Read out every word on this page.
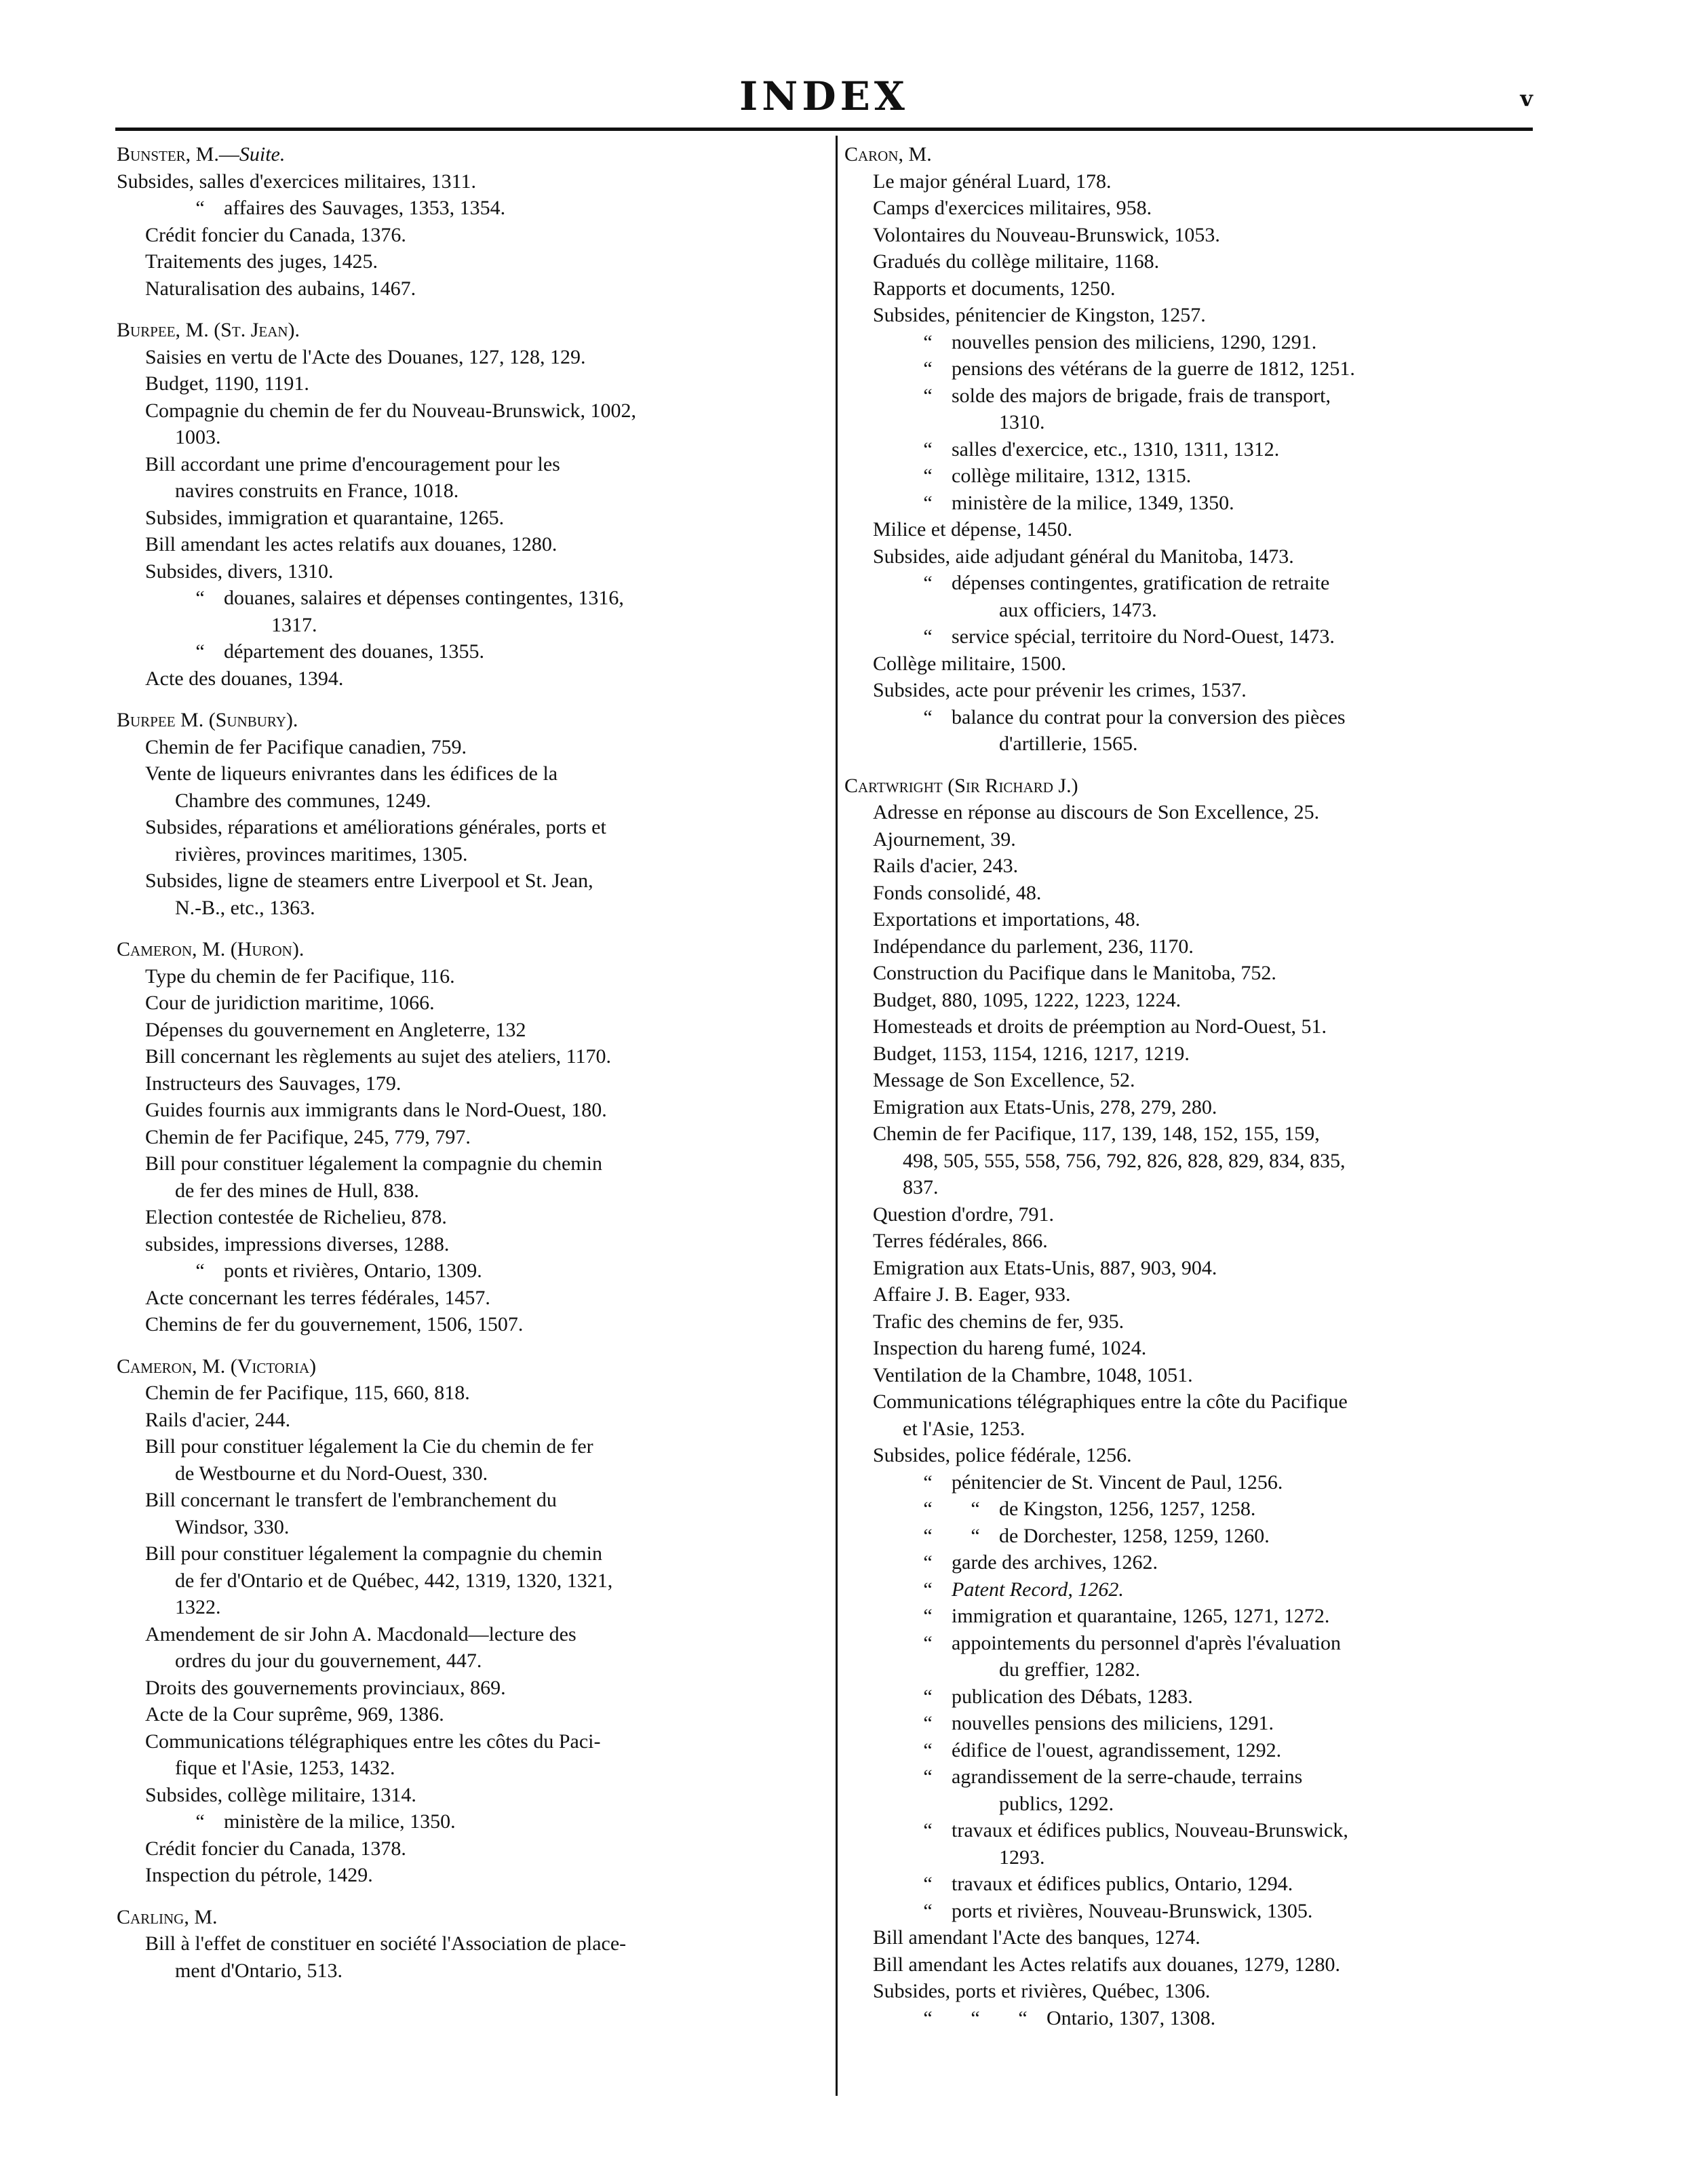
INDEX	v
Bunster, M.—Suite.
Subsides, salles d'exercices militaires, 1311.
“ affaires des Sauvages, 1353, 1354.
Crédit foncier du Canada, 1376.
Traitements des juges, 1425.
Naturalisation des aubains, 1467.
Burpee, M. (St. Jean).
Saisies en vertu de l'Acte des Douanes, 127, 128, 129.
Budget, 1190, 1191.
Compagnie du chemin de fer du Nouveau-Brunswick, 1002,
1003.
Bill accordant une prime d'encouragement pour les
navires construits en France, 1018.
Subsides, immigration et quarantaine, 1265.
Bill amendant les actes relatifs aux douanes, 1280.
Subsides, divers, 1310.
“ douanes, salaires et dépenses contingentes, 1316,
1317.
“ département des douanes, 1355.
Acte des douanes, 1394.
Burpee M. (Sunbury).
Chemin de fer Pacifique canadien, 759.
Vente de liqueurs enivrantes dans les édifices de la
Chambre des communes, 1249.
Subsides, réparations et améliorations générales, ports et
rivières, provinces maritimes, 1305.
Subsides, ligne de steamers entre Liverpool et St. Jean,
N.-B., etc., 1363.
Cameron, M. (Huron).
Type du chemin de fer Pacifique, 116.
Cour de juridiction maritime, 1066.
Dépenses du gouvernement en Angleterre, 132
Bill concernant les règlements au sujet des ateliers, 1170.
Instructeurs des Sauvages, 179.
Guides fournis aux immigrants dans le Nord-Ouest, 180.
Chemin de fer Pacifique, 245, 779, 797.
Bill pour constituer légalement la compagnie du chemin
de fer des mines de Hull, 838.
Election contestée de Richelieu, 878.
subsides, impressions diverses, 1288.
“ ponts et rivières, Ontario, 1309.
Acte concernant les terres fédérales, 1457.
Chemins de fer du gouvernement, 1506, 1507.
Cameron, M. (Victoria)
Chemin de fer Pacifique, 115, 660, 818.
Rails d'acier, 244.
Bill pour constituer légalement la Cie du chemin de fer
de Westbourne et du Nord-Ouest, 330.
Bill concernant le transfert de l'embranchement du
Windsor, 330.
Bill pour constituer légalement la compagnie du chemin
de fer d'Ontario et de Québec, 442, 1319, 1320, 1321,
1322.
Amendement de sir John A. Macdonald—lecture des
ordres du jour du gouvernement, 447.
Droits des gouvernements provinciaux, 869.
Acte de la Cour suprême, 969, 1386.
Communications télégraphiques entre les côtes du Paci-
fique et l'Asie, 1253, 1432.
Subsides, collège militaire, 1314.
“ ministère de la milice, 1350.
Crédit foncier du Canada, 1378.
Inspection du pétrole, 1429.
Carling, M.
Bill à l'effet de constituer en société l'Association de place-
ment d'Ontario, 513.
Caron, M.
Le major général Luard, 178.
Camps d'exercices militaires, 958.
Volontaires du Nouveau-Brunswick, 1053.
Gradués du collège militaire, 1168.
Rapports et documents, 1250.
Subsides, pénitencier de Kingston, 1257.
“ nouvelles pension des miliciens, 1290, 1291.
“ pensions des vétérans de la guerre de 1812, 1251.
“ solde des majors de brigade, frais de transport,
1310.
“ salles d'exercice, etc., 1310, 1311, 1312.
“ collège militaire, 1312, 1315.
“ ministère de la milice, 1349, 1350.
Milice et dépense, 1450.
Subsides, aide adjudant général du Manitoba, 1473.
“ dépenses contingentes, gratification de retraite
aux officiers, 1473.
“ service spécial, territoire du Nord-Ouest, 1473.
Collège militaire, 1500.
Subsides, acte pour prévenir les crimes, 1537.
“ balance du contrat pour la conversion des pièces
d'artillerie, 1565.
Cartwright (Sir Richard J.)
Adresse en réponse au discours de Son Excellence, 25.
Ajournement, 39.
Rails d'acier, 243.
Fonds consolidé, 48.
Exportations et importations, 48.
Indépendance du parlement, 236, 1170.
Construction du Pacifique dans le Manitoba, 752.
Budget, 880, 1095, 1222, 1223, 1224.
Homesteads et droits de préemption au Nord-Ouest, 51.
Budget, 1153, 1154, 1216, 1217, 1219.
Message de Son Excellence, 52.
Emigration aux Etats-Unis, 278, 279, 280.
Chemin de fer Pacifique, 117, 139, 148, 152, 155, 159,
498, 505, 555, 558, 756, 792, 826, 828, 829, 834, 835,
837.
Question d'ordre, 791.
Terres fédérales, 866.
Emigration aux Etats-Unis, 887, 903, 904.
Affaire J. B. Eager, 933.
Trafic des chemins de fer, 935.
Inspection du hareng fumé, 1024.
Ventilation de la Chambre, 1048, 1051.
Communications télégraphiques entre la côte du Pacifique
et l'Asie, 1253.
Subsides, police fédérale, 1256.
“ pénitencier de St. Vincent de Paul, 1256.
“ “ de Kingston, 1256, 1257, 1258.
“ “ de Dorchester, 1258, 1259, 1260.
“ garde des archives, 1262.
“ Patent Record, 1262.
“ immigration et quarantaine, 1265, 1271, 1272.
“ appointements du personnel d'après l'évaluation
du greffier, 1282.
“ publication des Débats, 1283.
“ nouvelles pensions des miliciens, 1291.
“ édifice de l'ouest, agrandissement, 1292.
“ agrandissement de la serre-chaude, terrains
publics, 1292.
“ travaux et édifices publics, Nouveau-Brunswick,
1293.
“ travaux et édifices publics, Ontario, 1294.
“ ports et rivières, Nouveau-Brunswick, 1305.
Bill amendant l'Acte des banques, 1274.
Bill amendant les Actes relatifs aux douanes, 1279, 1280.
Subsides, ports et rivières, Québec, 1306.
“ “ “ Ontario, 1307, 1308.
